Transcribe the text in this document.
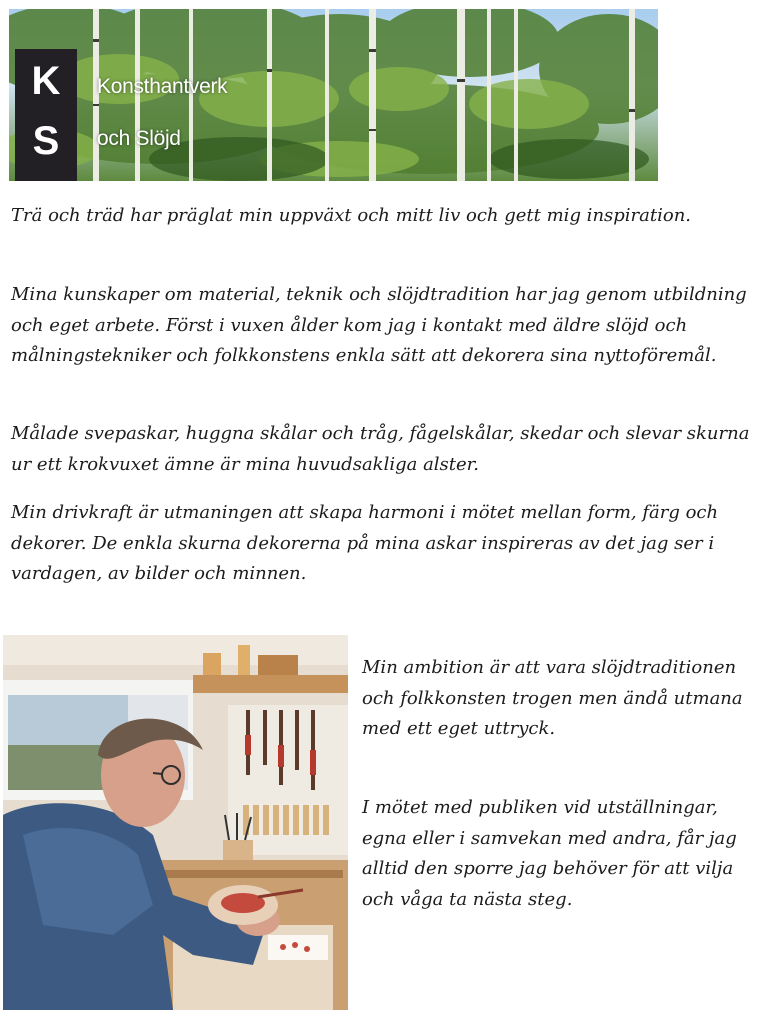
K
S
Konsthantverk
och Slöjd

Trä och träd har präglat min uppväxt och mitt liv och gett mig inspiration.

Mina kunskaper om material, teknik och slöjdtradition har jag genom utbildning och eget arbete. Först i vuxen ålder kom jag i kontakt med äldre slöjd och målningstekniker och folkkonstens enkla sätt att dekorera sina nyttoföremål.

Målade svepaskar, huggna skålar och tråg, fågelskålar, skedar och slevar skurna ur ett krokvuxet ämne är mina huvudsakliga alster.

Min drivkraft är utmaningen att skapa harmoni i mötet mellan form, färg och dekorer. De enkla skurna dekorerna på mina askar inspireras av det jag ser i vardagen, av bilder och minnen.

Min ambition är att vara slöjdtraditionen och folkkonsten trogen men ändå utmana med ett eget uttryck.

I mötet med publiken vid utställningar, egna eller i samvekan med andra, får jag alltid den sporre jag behöver för att vilja och våga ta nästa steg.
